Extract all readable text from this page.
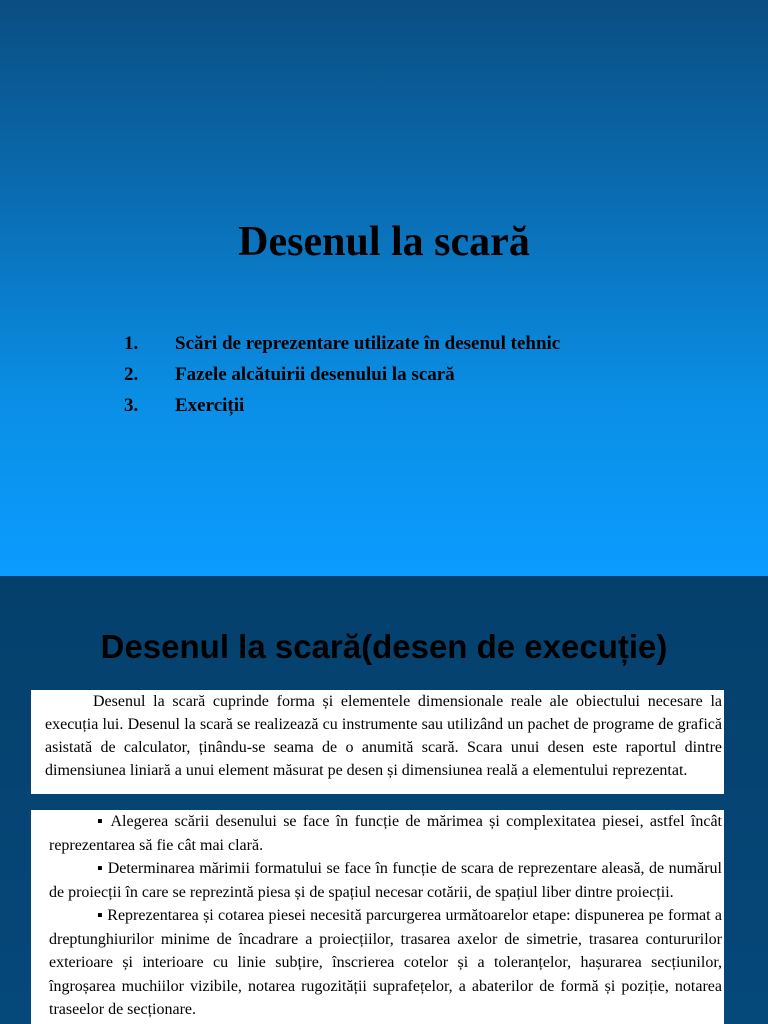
Desenul la scară
1.	Scări de reprezentare utilizate în desenul tehnic
2.	Fazele alcătuirii desenului la scară
3.	Exerciții
Desenul la scară(desen de execuție)

Desenul la scară cuprinde forma și elementele dimensionale reale ale obiectului necesare la execuția lui. Desenul la scară se realizează cu instrumente sau utilizând un pachet de programe de grafică asistată de calculator, ținându-se seama de o anumită scară. Scara unui desen este raportul dintre dimensiunea liniară a unui element măsurat pe desen și dimensiunea reală a elementului reprezentat.

▪ Alegerea scării desenului se face în funcție de mărimea și complexitatea piesei, astfel încât reprezentarea să fie cât mai clară.

▪ Determinarea mărimii formatului se face în funcție de scara de reprezentare aleasă, de numărul de proiecții în care se reprezintă piesa și de spațiul necesar cotării, de spațiul liber dintre proiecții.

▪ Reprezentarea și cotarea piesei necesită parcurgerea următoarelor etape: dispunerea pe format a dreptunghiurilor minime de încadrare a proiecțiilor, trasarea axelor de simetrie, trasarea contururilor exterioare și interioare cu linie subțire, înscrierea cotelor și a toleranțelor, hașurarea secțiunilor, îngroșarea muchiilor vizibile, notarea rugozității suprafețelor, a abaterilor de formă și poziție, notarea traseelor de secționare.
